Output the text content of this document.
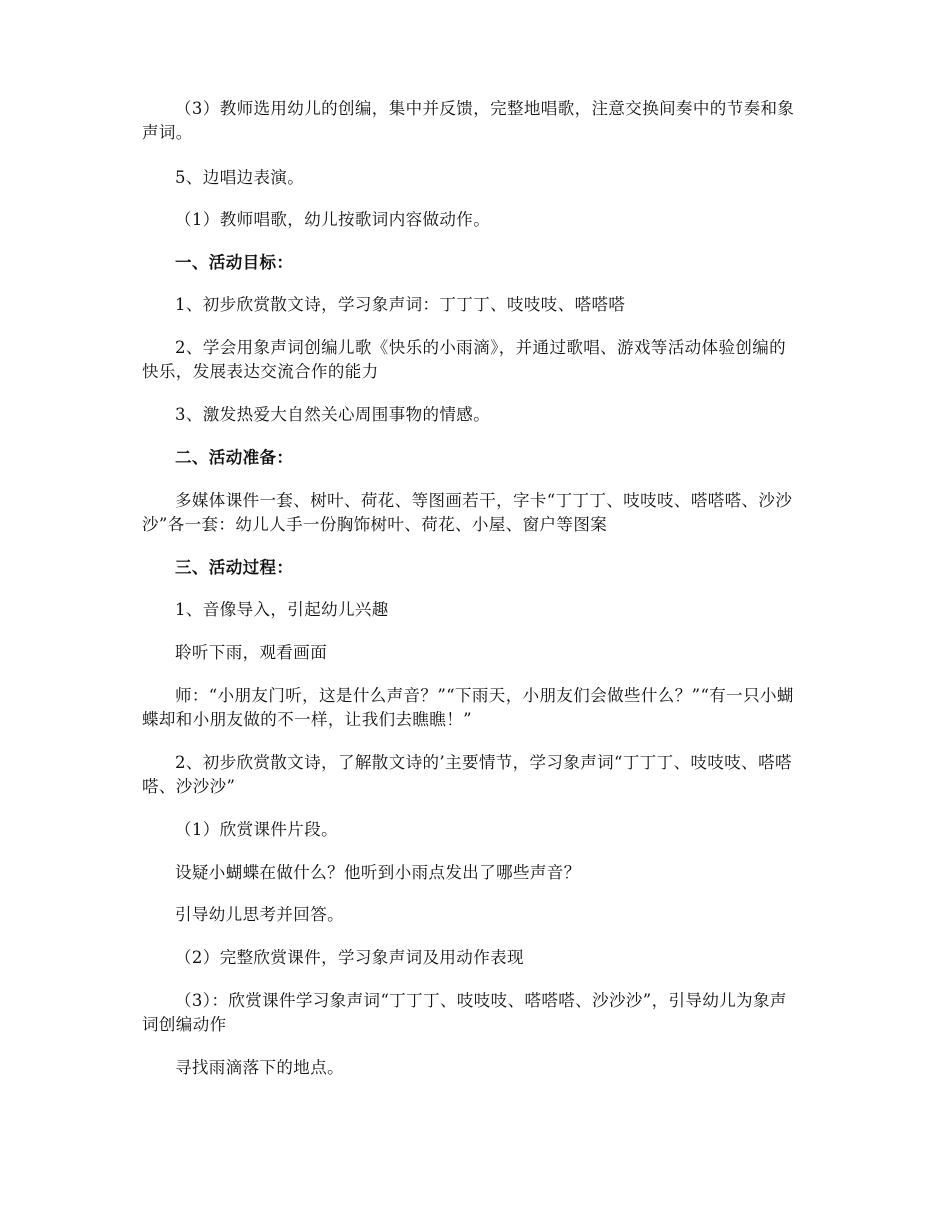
（3）教师选用幼儿的创编，集中并反馈，完整地唱歌，注意交换间奏中的节奏和象声词。

5、边唱边表演。

（1）教师唱歌，幼儿按歌词内容做动作。

一、活动目标：

1、初步欣赏散文诗，学习象声词：丁丁丁、吱吱吱、嗒嗒嗒

2、学会用象声词创编儿歌《快乐的小雨滴》，并通过歌唱、游戏等活动体验创编的快乐，发展表达交流合作的能力

3、激发热爱大自然关心周围事物的情感。

二、活动准备：

多媒体课件一套、树叶、荷花、等图画若干，字卡“丁丁丁、吱吱吱、嗒嗒嗒、沙沙沙”各一套：幼儿人手一份胸饰树叶、荷花、小屋、窗户等图案

三、活动过程：

1、音像导入，引起幼儿兴趣

聆听下雨，观看画面

师：“小朋友门听，这是什么声音？”“下雨天，小朋友们会做些什么？”“有一只小蝴蝶却和小朋友做的不一样，让我们去瞧瞧！”

2、初步欣赏散文诗，了解散文诗的’主要情节，学习象声词“丁丁丁、吱吱吱、嗒嗒嗒、沙沙沙”

（1）欣赏课件片段。

设疑小蝴蝶在做什么？他听到小雨点发出了哪些声音？

引导幼儿思考并回答。

（2）完整欣赏课件，学习象声词及用动作表现

（3）：欣赏课件学习象声词“丁丁丁、吱吱吱、嗒嗒嗒、沙沙沙”，引导幼儿为象声词创编动作

寻找雨滴落下的地点。
